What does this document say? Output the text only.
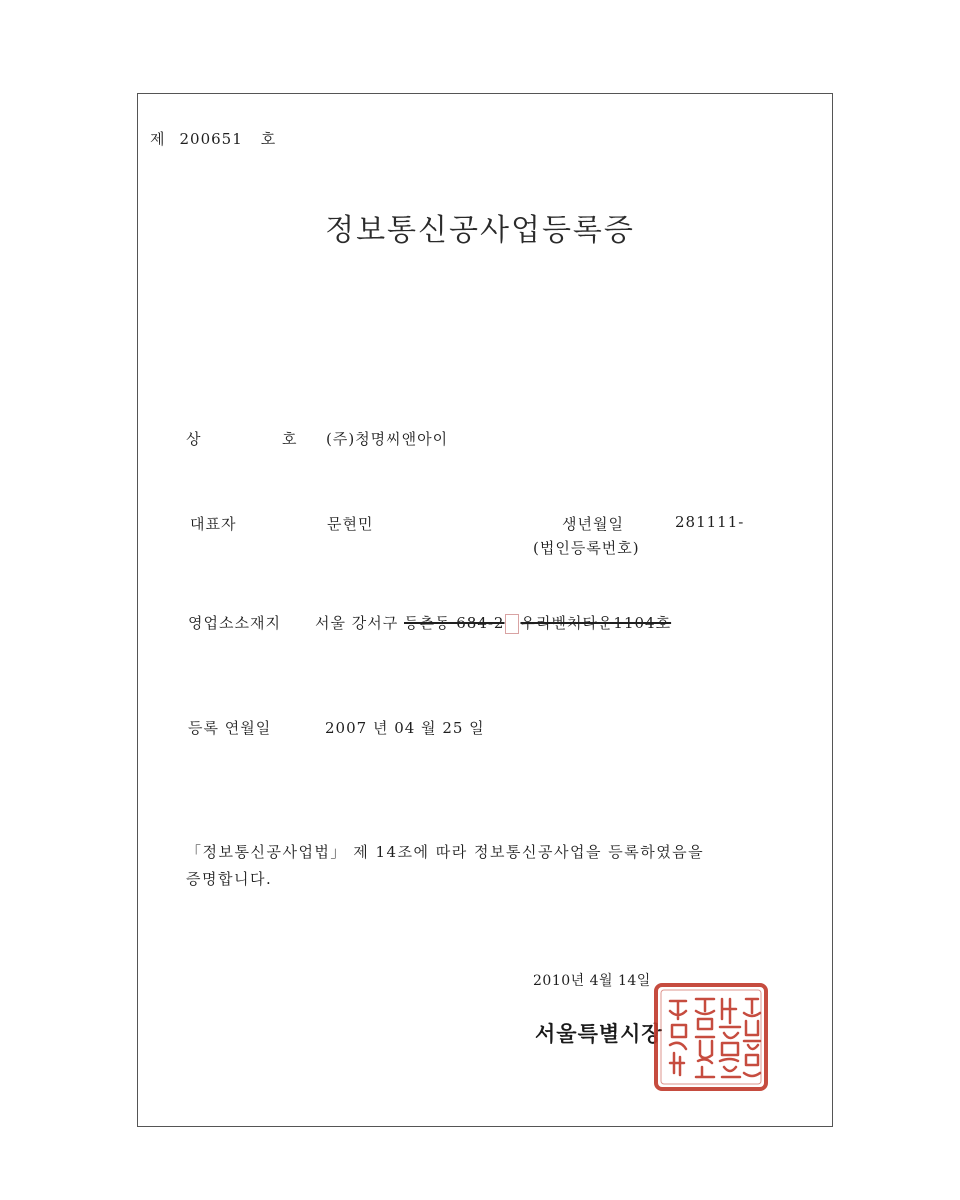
제 200651 호
정보통신공사업등록증
상	호 (주)청명씨앤아이
대표자	문현민	생년월일	281111-
(법인등록번호)
영업소소재지 서울 강서구 등촌동 684-2 우리벤처타운1104호
등록 연월일	2007 년 04 월 25 일
「정보통신공사업법」 제 14조에 따라 정보통신공사업을 등록하였음을
증명합니다.
2010년 4월 14일
서울특별시장
